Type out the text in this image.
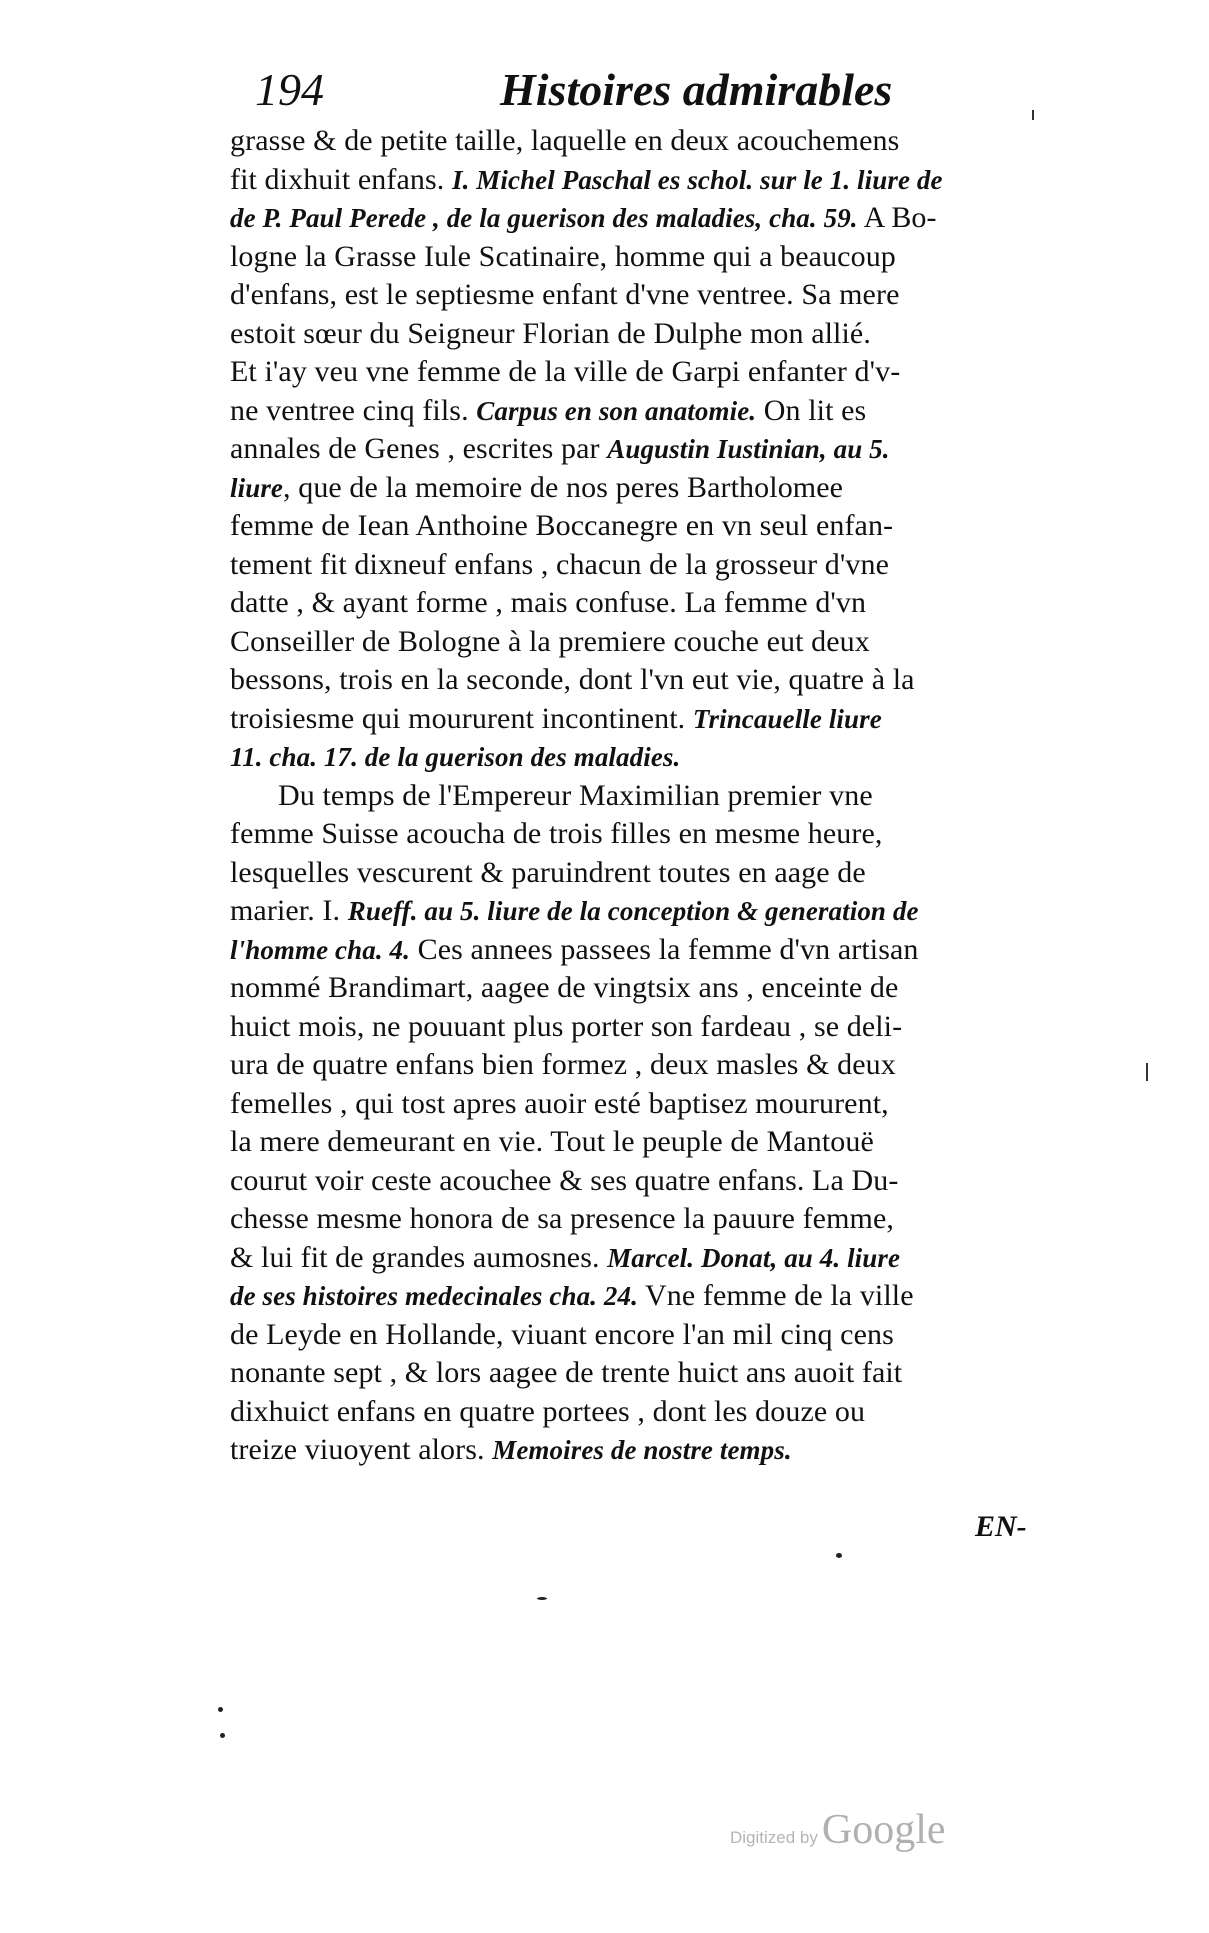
194	Histoires admirables
grasse & de petite taille, laquelle en deux acouchemens
fit dixhuit enfans. I. Michel Paschal es schol. sur le 1. liure de
de P. Paul Perede , de la guerison des maladies, cha. 59. A Bo-
logne la Grasse Iule Scatinaire, homme qui a beaucoup
d'enfans, est le septiesme enfant d'vne ventree. Sa mere
estoit sœur du Seigneur Florian de Dulphe mon allié.
Et i'ay veu vne femme de la ville de Garpi enfanter d'v-
ne ventree cinq fils. Carpus en son anatomie. On lit es
annales de Genes , escrites par Augustin Iustinian, au 5.
liure, que de la memoire de nos peres Bartholomee
femme de Iean Anthoine Boccanegre en vn seul enfan-
tement fit dixneuf enfans , chacun de la grosseur d'vne
datte , & ayant forme , mais confuse. La femme d'vn
Conseiller de Bologne à la premiere couche eut deux
bessons, trois en la seconde, dont l'vn eut vie, quatre à la
troisiesme qui moururent incontinent. Trincauelle liure
11. cha. 17. de la guerison des maladies.
Du temps de l'Empereur Maximilian premier vne
femme Suisse acoucha de trois filles en mesme heure,
lesquelles vescurent & paruindrent toutes en aage de
marier. I. Rueff. au 5. liure de la conception & generation de
l'homme cha. 4. Ces annees passees la femme d'vn artisan
nommé Brandimart, aagee de vingtsix ans , enceinte de
huict mois, ne pouuant plus porter son fardeau , se deli-
ura de quatre enfans bien formez , deux masles & deux
femelles , qui tost apres auoir esté baptisez moururent,
la mere demeurant en vie. Tout le peuple de Mantouë
courut voir ceste acouchee & ses quatre enfans. La Du-
chesse mesme honora de sa presence la pauure femme,
& lui fit de grandes aumosnes. Marcel. Donat, au 4. liure
de ses histoires medecinales cha. 24. Vne femme de la ville
de Leyde en Hollande, viuant encore l'an mil cinq cens
nonante sept , & lors aagee de trente huict ans auoit fait
dixhuict enfans en quatre portees , dont les douze ou
treize viuoyent alors. Memoires de nostre temps.
EN-
Digitized byGoogle
